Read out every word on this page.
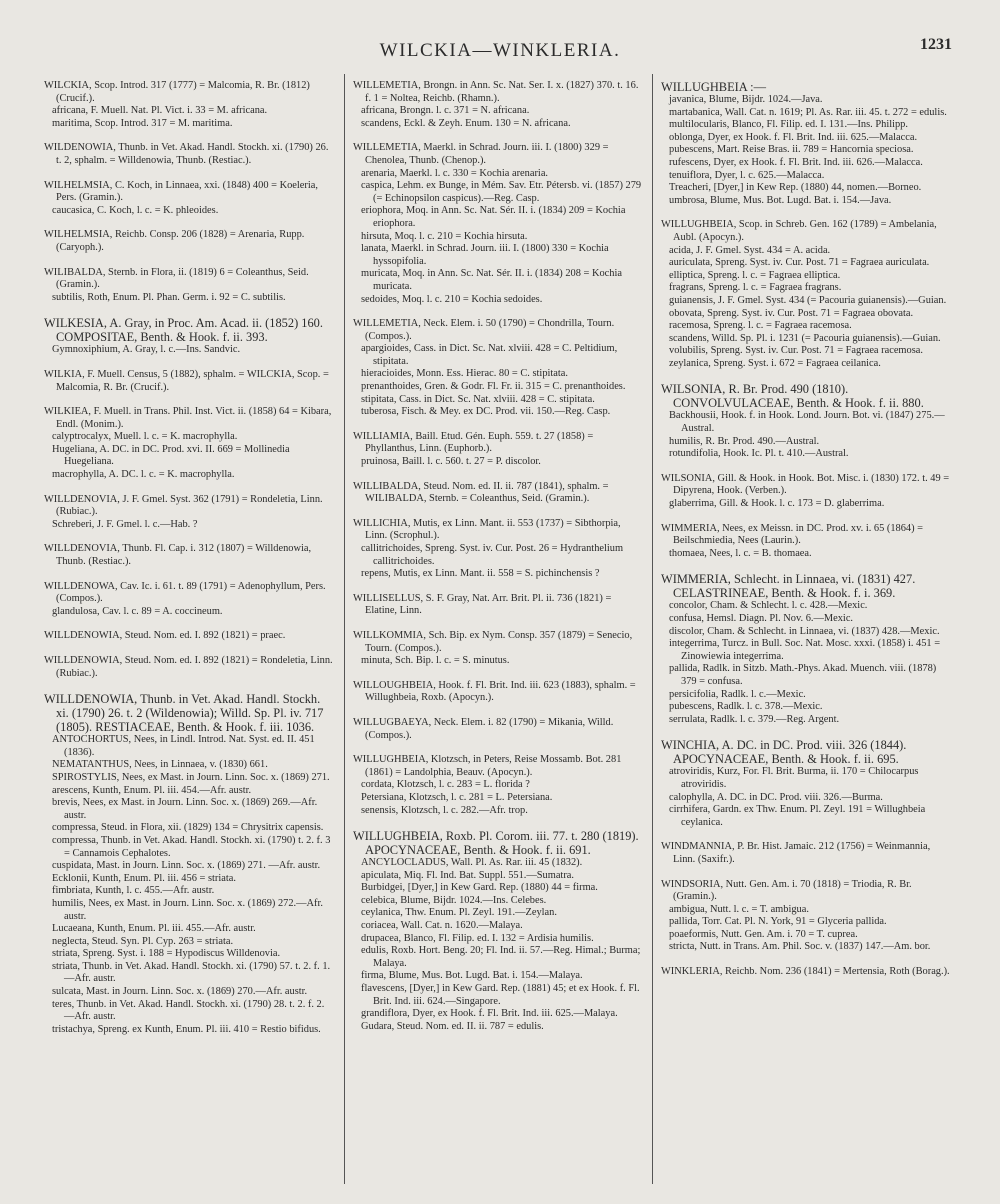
WILCKIA—WINKLERIA.	1231
WILCKIA, Scop. Introd. 317 (1777) = Malcomia, R. Br. (1812) (Crucif.).
africana, F. Muell. Nat. Pl. Vict. i. 33 = M. africana.
maritima, Scop. Introd. 317 = M. maritima.
WILDENOWIA, Thunb. in Vet. Akad. Handl. Stockh. xi. (1790) 26. t. 2, sphalm. = Willdenowia, Thunb. (Restiac.).
WILHELMSIA, C. Koch, in Linnaea, xxi. (1848) 400 = Koeleria, Pers. (Gramin.).
caucasica, C. Koch, l. c. = K. phleoides.
WILHELMSIA, Reichb. Consp. 206 (1828) = Arenaria, Rupp. (Caryoph.).
WILIBALDA, Sternb. in Flora, ii. (1819) 6 = Coleanthus, Seid. (Gramin.).
subtilis, Roth, Enum. Pl. Phan. Germ. i. 92 = C. subtilis.
WILKESIA, A. Gray, in Proc. Am. Acad. ii. (1852) 160. COMPOSITAE, Benth. & Hook. f. ii. 393.
Gymnoxiphium, A. Gray, l. c.—Ins. Sandvic.
WILKIA, F. Muell. Census, 5 (1882), sphalm. = WILCKIA, Scop. = Malcomia, R. Br. (Crucif.).
WILKIEA, F. Muell. in Trans. Phil. Inst. Vict. ii. (1858) 64 = Kibara, Endl. (Monim.).
calyptrocalyx, Muell. l. c. = K. macrophylla.
Hugeliana, A. DC. in DC. Prod. xvi. II. 669 = Mollinedia Huegeliana.
macrophylla, A. DC. l. c. = K. macrophylla.
WILLDENOVIA, J. F. Gmel. Syst. 362 (1791) = Rondeletia, Linn. (Rubiac.).
Schreberi, J. F. Gmel. l. c.—Hab. ?
WILLDENOVIA, Thunb. Fl. Cap. i. 312 (1807) = Willdenowia, Thunb. (Restiac.).
WILLDENOWA, Cav. Ic. i. 61. t. 89 (1791) = Adenophyllum, Pers. (Compos.).
glandulosa, Cav. l. c. 89 = A. coccineum.
WILLDENOWIA, Steud. Nom. ed. I. 892 (1821) = praec.
WILLDENOWIA, Steud. Nom. ed. I. 892 (1821) = Rondeletia, Linn. (Rubiac.).
WILLDENOWIA, Thunb. in Vet. Akad. Handl. Stockh. xi. (1790) 26. t. 2 (Wildenowia); Willd. Sp. Pl. iv. 717 (1805). RESTIACEAE, Benth. & Hook. f. iii. 1036.
ANTOCHORTUS, Nees, in Lindl. Introd. Nat. Syst. ed. II. 451 (1836).
NEMATANTHUS, Nees, in Linnaea, v. (1830) 661.
SPIROSTYLIS, Nees, ex Mast. in Journ. Linn. Soc. x. (1869) 271.
arescens, Kunth, Enum. Pl. iii. 454.—Afr. austr.
brevis, Nees, ex Mast. in Journ. Linn. Soc. x. (1869) 269.—Afr. austr.
compressa, Steud. in Flora, xii. (1829) 134 = Chrysitrix capensis.
compressa, Thunb. in Vet. Akad. Handl. Stockh. xi. (1790) t. 2. f. 3 = Cannamois Cephalotes.
cuspidata, Mast. in Journ. Linn. Soc. x. (1869) 271. —Afr. austr.
Ecklonii, Kunth, Enum. Pl. iii. 456 = striata.
fimbriata, Kunth, l. c. 455.—Afr. austr.
humilis, Nees, ex Mast. in Journ. Linn. Soc. x. (1869) 272.—Afr. austr.
Lucaeana, Kunth, Enum. Pl. iii. 455.—Afr. austr.
neglecta, Steud. Syn. Pl. Cyp. 263 = striata.
striata, Spreng. Syst. i. 188 = Hypodiscus Willdenovia.
striata, Thunb. in Vet. Akad. Handl. Stockh. xi. (1790) 57. t. 2. f. 1.—Afr. austr.
sulcata, Mast. in Journ. Linn. Soc. x. (1869) 270.—Afr. austr.
teres, Thunb. in Vet. Akad. Handl. Stockh. xi. (1790) 28. t. 2. f. 2.—Afr. austr.
tristachya, Spreng. ex Kunth, Enum. Pl. iii. 410 = Restio bifidus.
WILLEMETIA, Brongn. in Ann. Sc. Nat. Ser. I. x. (1827) 370. t. 16. f. 1 = Noltea, Reichb. (Rhamn.).
africana, Brongn. l. c. 371 = N. africana.
scandens, Eckl. & Zeyh. Enum. 130 = N. africana.
WILLEMETIA, Maerkl. in Schrad. Journ. iii. I. (1800) 329 = Chenolea, Thunb. (Chenop.).
arenaria, Maerkl. l. c. 330 = Kochia arenaria.
caspica, Lehm. ex Bunge, in Mém. Sav. Etr. Pétersb. vi. (1857) 279 (= Echinopsilon caspicus).—Reg. Casp.
eriophora, Moq. in Ann. Sc. Nat. Sér. II. i. (1834) 209 = Kochia eriophora.
hirsuta, Moq. l. c. 210 = Kochia hirsuta.
lanata, Maerkl. in Schrad. Journ. iii. I. (1800) 330 = Kochia hyssopifolia.
muricata, Moq. in Ann. Sc. Nat. Sér. II. i. (1834) 208 = Kochia muricata.
sedoides, Moq. l. c. 210 = Kochia sedoides.
WILLEMETIA, Neck. Elem. i. 50 (1790) = Chondrilla, Tourn. (Compos.).
apargioides, Cass. in Dict. Sc. Nat. xlviii. 428 = C. Peltidium, stipitata.
hieracioides, Monn. Ess. Hierac. 80 = C. stipitata.
prenanthoides, Gren. & Godr. Fl. Fr. ii. 315 = C. prenanthoides.
stipitata, Cass. in Dict. Sc. Nat. xlviii. 428 = C. stipitata.
tuberosa, Fisch. & Mey. ex DC. Prod. vii. 150.—Reg. Casp.
WILLIAMIA, Baill. Etud. Gén. Euph. 559. t. 27 (1858) = Phyllanthus, Linn. (Euphorb.).
pruinosa, Baill. l. c. 560. t. 27 = P. discolor.
WILLIBALDA, Steud. Nom. ed. II. ii. 787 (1841), sphalm. = WILIBALDA, Sternb. = Coleanthus, Seid. (Gramin.).
WILLICHIA, Mutis, ex Linn. Mant. ii. 553 (1737) = Sibthorpia, Linn. (Scrophul.).
callitrichoides, Spreng. Syst. iv. Cur. Post. 26 = Hydranthelium callitrichoides.
repens, Mutis, ex Linn. Mant. ii. 558 = S. pichinchensis ?
WILLISELLUS, S. F. Gray, Nat. Arr. Brit. Pl. ii. 736 (1821) = Elatine, Linn.
WILLKOMMIA, Sch. Bip. ex Nym. Consp. 357 (1879) = Senecio, Tourn. (Compos.).
minuta, Sch. Bip. l. c. = S. minutus.
WILLOUGHBEIA, Hook. f. Fl. Brit. Ind. iii. 623 (1883), sphalm. = Willughbeia, Roxb. (Apocyn.).
WILLUGBAEYA, Neck. Elem. i. 82 (1790) = Mikania, Willd. (Compos.).
WILLUGHBEIA, Klotzsch, in Peters, Reise Mossamb. Bot. 281 (1861) = Landolphia, Beauv. (Apocyn.).
cordata, Klotzsch, l. c. 283 = L. florida ?
Petersiana, Klotzsch, l. c. 281 = L. Petersiana.
senensis, Klotzsch, l. c. 282.—Afr. trop.
WILLUGHBEIA, Roxb. Pl. Corom. iii. 77. t. 280 (1819). APOCYNACEAE, Benth. & Hook. f. ii. 691.
ANCYLOCLADUS, Wall. Pl. As. Rar. iii. 45 (1832).
apiculata, Miq. Fl. Ind. Bat. Suppl. 551.—Sumatra.
Burbidgei, [Dyer,] in Kew Gard. Rep. (1880) 44 = firma.
celebica, Blume, Bijdr. 1024.—Ins. Celebes.
ceylanica, Thw. Enum. Pl. Zeyl. 191.—Zeylan.
coriacea, Wall. Cat. n. 1620.—Malaya.
drupacea, Blanco, Fl. Filip. ed. I. 132 = Ardisia humilis.
edulis, Roxb. Hort. Beng. 20; Fl. Ind. ii. 57.—Reg. Himal.; Burma; Malaya.
firma, Blume, Mus. Bot. Lugd. Bat. i. 154.—Malaya.
flavescens, [Dyer,] in Kew Gard. Rep. (1881) 45; et ex Hook. f. Fl. Brit. Ind. iii. 624.—Singapore.
grandiflora, Dyer, ex Hook. f. Fl. Brit. Ind. iii. 625.—Malaya.
Gudara, Steud. Nom. ed. II. ii. 787 = edulis.
WILLUGHBEIA :—
javanica, Blume, Bijdr. 1024.—Java.
martabanica, Wall. Cat. n. 1619; Pl. As. Rar. iii. 45. t. 272 = edulis.
multilocularis, Blanco, Fl. Filip. ed. I. 131.—Ins. Philipp.
oblonga, Dyer, ex Hook. f. Fl. Brit. Ind. iii. 625.—Malacca.
pubescens, Mart. Reise Bras. ii. 789 = Hancornia speciosa.
rufescens, Dyer, ex Hook. f. Fl. Brit. Ind. iii. 626.—Malacca.
tenuiflora, Dyer, l. c. 625.—Malacca.
Treacheri, [Dyer,] in Kew Rep. (1880) 44, nomen.—Borneo.
umbrosa, Blume, Mus. Bot. Lugd. Bat. i. 154.—Java.
WILLUGHBEIA, Scop. in Schreb. Gen. 162 (1789) = Ambelania, Aubl. (Apocyn.).
acida, J. F. Gmel. Syst. 434 = A. acida.
auriculata, Spreng. Syst. iv. Cur. Post. 71 = Fagraea auriculata.
elliptica, Spreng. l. c. = Fagraea elliptica.
fragrans, Spreng. l. c. = Fagraea fragrans.
guianensis, J. F. Gmel. Syst. 434 (= Pacouria guianensis).—Guian.
obovata, Spreng. Syst. iv. Cur. Post. 71 = Fagraea obovata.
racemosa, Spreng. l. c. = Fagraea racemosa.
scandens, Willd. Sp. Pl. i. 1231 (= Pacouria guianensis).—Guian.
volubilis, Spreng. Syst. iv. Cur. Post. 71 = Fagraea racemosa.
zeylanica, Spreng. Syst. i. 672 = Fagraea ceilanica.
WILSONIA, R. Br. Prod. 490 (1810). CONVOLVULACEAE, Benth. & Hook. f. ii. 880.
Backhousii, Hook. f. in Hook. Lond. Journ. Bot. vi. (1847) 275.—Austral.
humilis, R. Br. Prod. 490.—Austral.
rotundifolia, Hook. Ic. Pl. t. 410.—Austral.
WILSONIA, Gill. & Hook. in Hook. Bot. Misc. i. (1830) 172. t. 49 = Dipyrena, Hook. (Verben.).
glaberrima, Gill. & Hook. l. c. 173 = D. glaberrima.
WIMMERIA, Nees, ex Meissn. in DC. Prod. xv. i. 65 (1864) = Beilschmiedia, Nees (Laurin.).
thomaea, Nees, l. c. = B. thomaea.
WIMMERIA, Schlecht. in Linnaea, vi. (1831) 427. CELASTRINEAE, Benth. & Hook. f. i. 369.
concolor, Cham. & Schlecht. l. c. 428.—Mexic.
confusa, Hemsl. Diagn. Pl. Nov. 6.—Mexic.
discolor, Cham. & Schlecht. in Linnaea, vi. (1837) 428.—Mexic.
integerrima, Turcz. in Bull. Soc. Nat. Mosc. xxxi. (1858) i. 451 = Zinowiewia integerrima.
pallida, Radlk. in Sitzb. Math.-Phys. Akad. Muench. viii. (1878) 379 = confusa.
persicifolia, Radlk. l. c.—Mexic.
pubescens, Radlk. l. c. 378.—Mexic.
serrulata, Radlk. l. c. 379.—Reg. Argent.
WINCHIA, A. DC. in DC. Prod. viii. 326 (1844). APOCYNACEAE, Benth. & Hook. f. ii. 695.
atroviridis, Kurz, For. Fl. Brit. Burma, ii. 170 = Chilocarpus atroviridis.
calophylla, A. DC. in DC. Prod. viii. 326.—Burma.
cirrhifera, Gardn. ex Thw. Enum. Pl. Zeyl. 191 = Willughbeia ceylanica.
WINDMANNIA, P. Br. Hist. Jamaic. 212 (1756) = Weinmannia, Linn. (Saxifr.).
WINDSORIA, Nutt. Gen. Am. i. 70 (1818) = Triodia, R. Br. (Gramin.).
ambigua, Nutt. l. c. = T. ambigua.
pallida, Torr. Cat. Pl. N. York, 91 = Glyceria pallida.
poaeformis, Nutt. Gen. Am. i. 70 = T. cuprea.
stricta, Nutt. in Trans. Am. Phil. Soc. v. (1837) 147.—Am. bor.
WINKLERIA, Reichb. Nom. 236 (1841) = Mertensia, Roth (Borag.).
